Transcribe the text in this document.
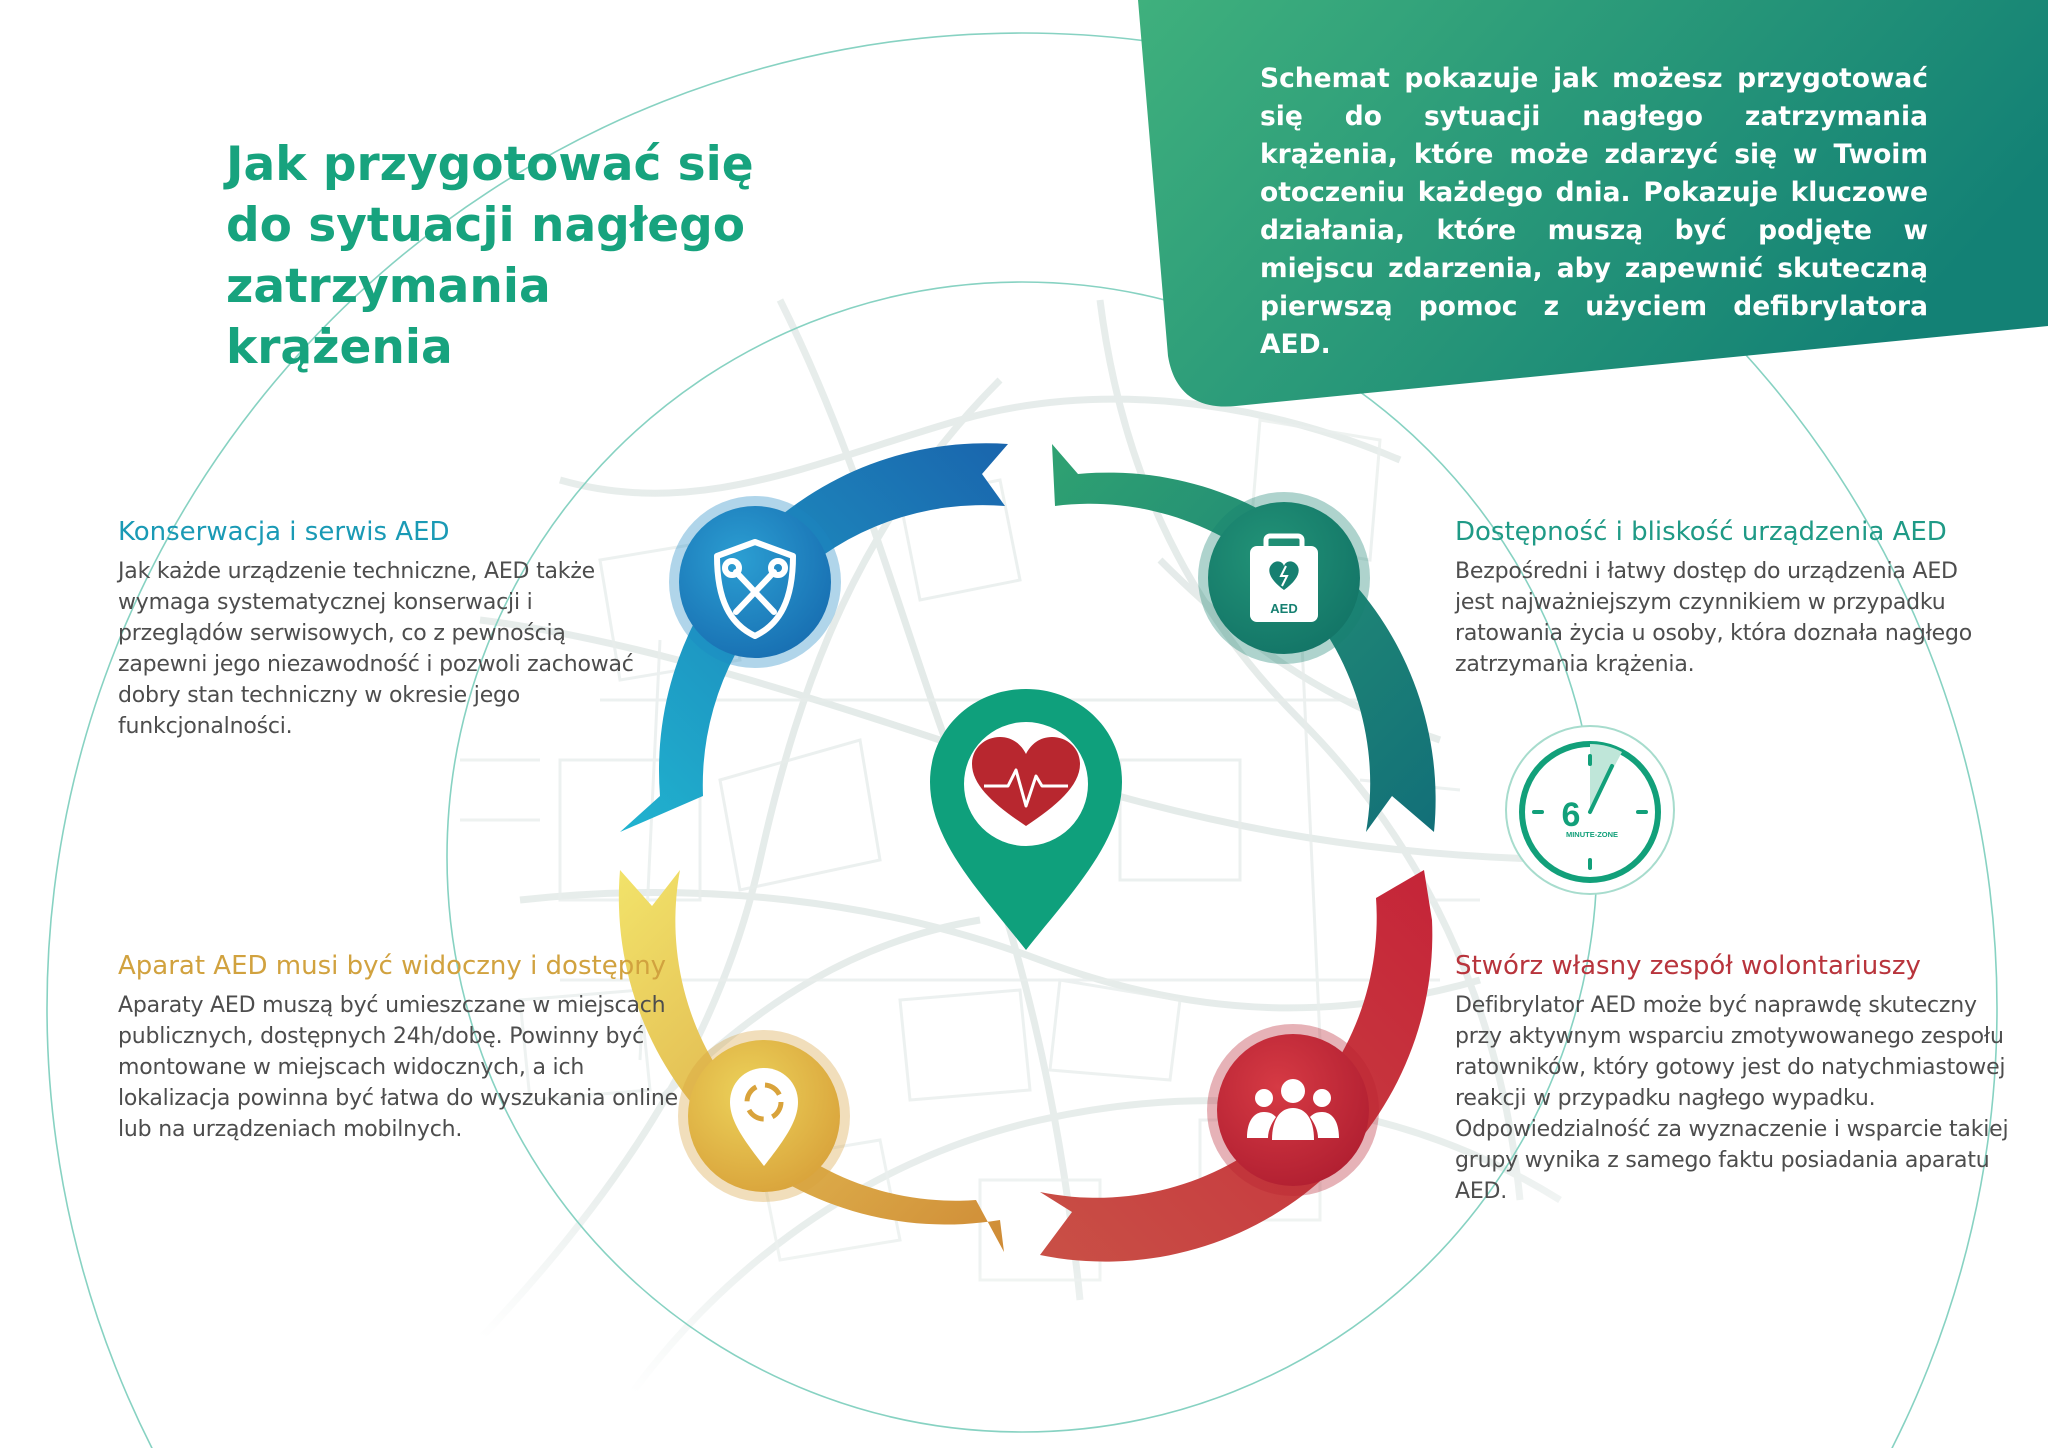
AED
6
MINUTE-ZONE
Jak przygotować się do sytuacji nagłego zatrzymania krążenia

Schemat pokazuje jak możesz przygotować się do sytuacji nagłego zatrzymania krążenia, które może zdarzyć się w Twoim otoczeniu każdego dnia. Pokazuje kluczowe działania, które muszą być podjęte w miejscu zdarzenia, aby zapewnić skuteczną pierwszą pomoc z użyciem defibrylatora AED.

Konserwacja i serwis AED

Jak każde urządzenie techniczne, AED także wymaga systematycznej konserwacji i przeglądów serwisowych, co z pewnością zapewni jego niezawodność i pozwoli zachować dobry stan techniczny w okresie jego funkcjonalności.

Dostępność i bliskość urządzenia AED

Bezpośredni i łatwy dostęp do urządzenia AED jest najważniejszym czynnikiem w przypadku ratowania życia u osoby, która doznała nagłego zatrzymania krążenia.

Aparat AED musi być widoczny i dostępny

Aparaty AED muszą być umieszczane w miejscach publicznych, dostępnych 24h/dobę. Powinny być montowane w miejscach widocznych, a ich lokalizacja powinna być łatwa do wyszukania online lub na urządzeniach mobilnych.

Stwórz własny zespół wolontariuszy

Defibrylator AED może być naprawdę skuteczny przy aktywnym wsparciu zmotywowanego zespołu ratowników, który gotowy jest do natychmiastowej reakcji w przypadku nagłego wypadku. Odpowiedzialność za wyznaczenie i wsparcie takiej grupy wynika z samego faktu posiadania aparatu AED.
